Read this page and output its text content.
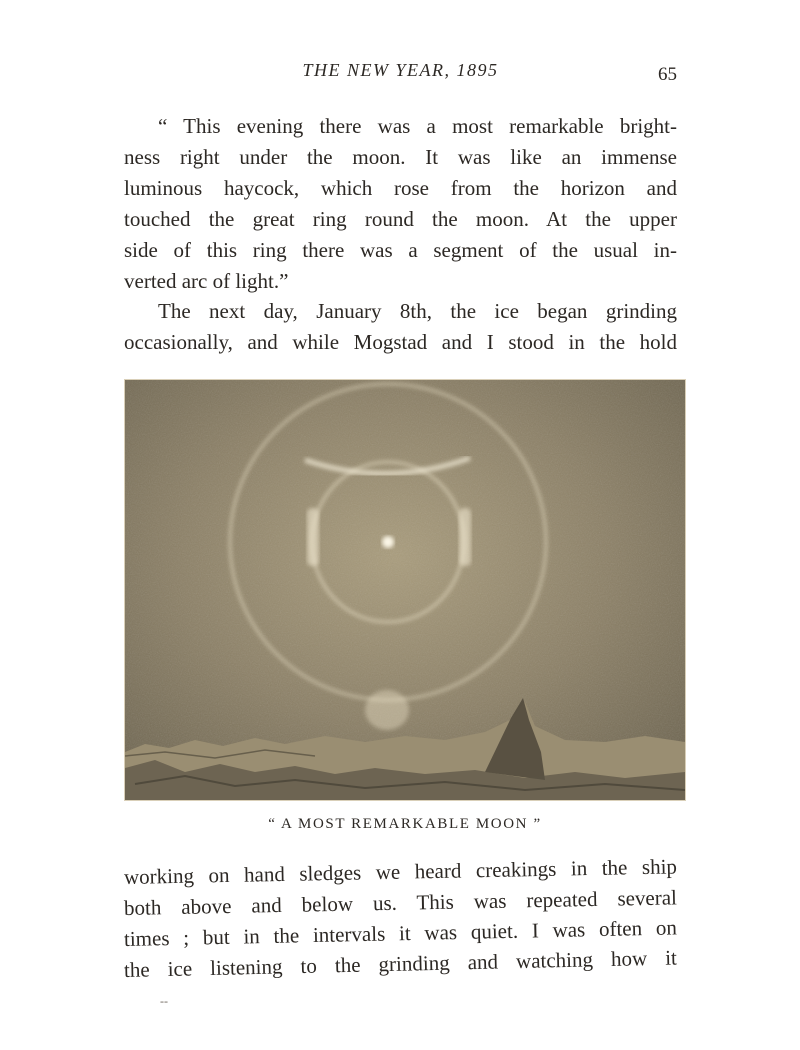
THE NEW YEAR, 1895	65
“ This evening there was a most remarkable bright-
ness right under the moon. It was like an immense
luminous haycock, which rose from the horizon and
touched the great ring round the moon. At the upper
side of this ring there was a segment of the usual in-
verted arc of light.”
The next day, January 8th, the ice began grinding
occasionally, and while Mogstad and I stood in the hold
“ A MOST REMARKABLE MOON ”
working on hand sledges we heard creakings in the ship
both above and below us. This was repeated several
times ; but in the intervals it was quiet. I was often on
the ice listening to the grinding and watching how it
--
